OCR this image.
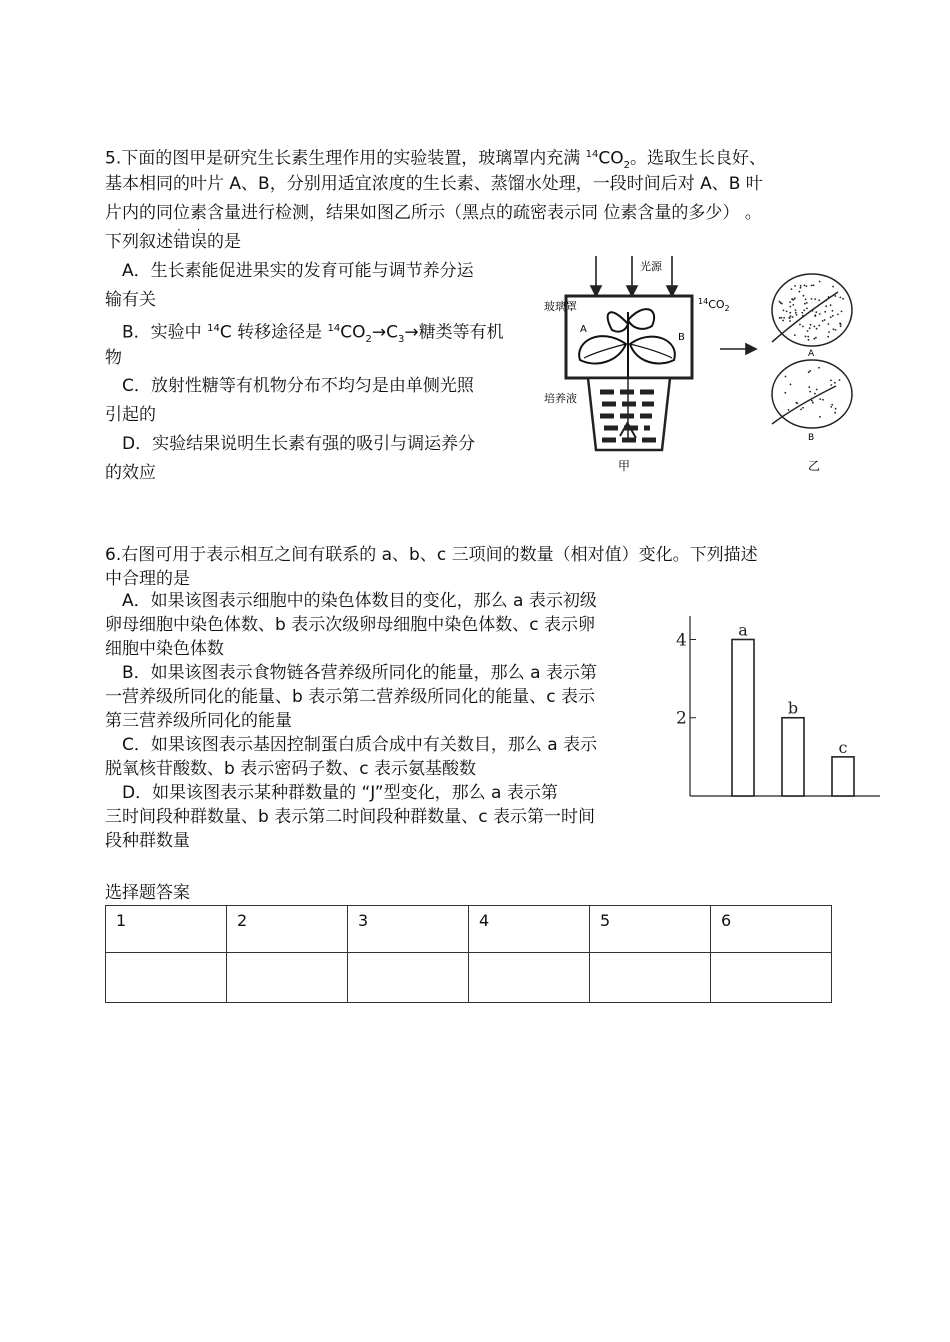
5.下面的图甲是研究生长素生理作用的实验装置，玻璃罩内充满 $^{14}CO_2$。选取生长良好、
基本相同的叶片 A、B，分别用适宜浓度的生长素、蒸馏水处理，一段时间后对 A、B 叶
片内的同位素含量进行检测，结果如图乙所示（黑点的疏密表示同 位素含量的多少） 。
下列叙述错误 · ·的是
A．生长素能促进果实的发育可能与调节养分运
输有关
B．实验中 $^{14}$C 转移途径是 $^{14}CO_2\to C_3\to$糖类等有机
物
C．放射性糖等有机物分布不均匀是由单侧光照
引起的
D．实验结果说明生长素有强的吸引与调运养分
的效应
光源
玻璃罩	$^{14}CO_2$
A
B
培养液
甲
A
B
乙
6.右图可用于表示相互之间有联系的 a、b、c 三项间的数量（相对值）变化。下列描述
中合理的是
A．如果该图表示细胞中的染色体数目的变化，那么 a 表示初级
卵母细胞中染色体数、b 表示次级卵母细胞中染色体数、c 表示卵
细胞中染色体数
B．如果该图表示食物链各营养级所同化的能量，那么 a 表示第
一营养级所同化的能量、b 表示第二营养级所同化的能量、c 表示
第三营养级所同化的能量
C．如果该图表示基因控制蛋白质合成中有关数目，那么 a 表示
脱氧核苷酸数、b 表示密码子数、c 表示氨基酸数
D．如果该图表示某种群数量的 “J”型变化，那么 a 表示第
三时间段种群数量、b 表示第二时间段种群数量、c 表示第一时间
段种群数量
2
4
a
b
c
选择题答案
1	2	3	4	5	6
